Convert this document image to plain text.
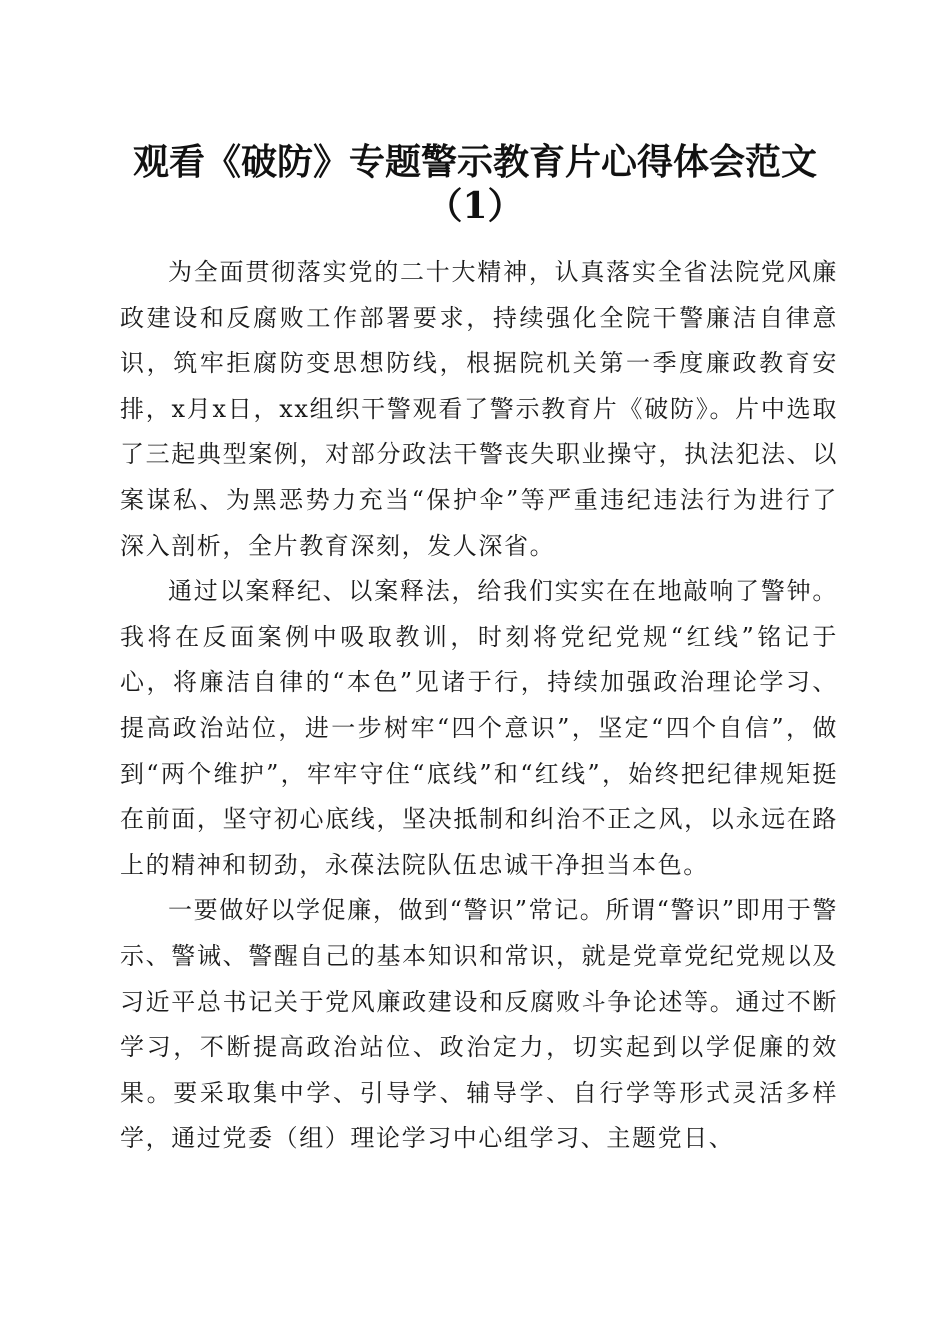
观看《破防》专题警示教育片心得体会范文
（1）

为全面贯彻落实党的二十大精神，认真落实全省法院党风廉政建设和反腐败工作部署要求，持续强化全院干警廉洁自律意识，筑牢拒腐防变思想防线，根据院机关第一季度廉政教育安排，x月x日，xx组织干警观看了警示教育片《破防》。片中选取了三起典型案例，对部分政法干警丧失职业操守，执法犯法、以案谋私、为黑恶势力充当“保护伞”等严重违纪违法行为进行了深入剖析，全片教育深刻，发人深省。

通过以案释纪、以案释法，给我们实实在在地敲响了警钟。我将在反面案例中吸取教训，时刻将党纪党规“红线”铭记于心，将廉洁自律的“本色”见诸于行，持续加强政治理论学习、提高政治站位，进一步树牢“四个意识”，坚定“四个自信”，做到“两个维护”，牢牢守住“底线”和“红线”，始终把纪律规矩挺在前面，坚守初心底线，坚决抵制和纠治不正之风，以永远在路上的精神和韧劲，永葆法院队伍忠诚干净担当本色。

一要做好以学促廉，做到“警识”常记。所谓“警识”即用于警示、警诫、警醒自己的基本知识和常识，就是党章党纪党规以及习近平总书记关于党风廉政建设和反腐败斗争论述等。通过不断学习，不断提高政治站位、政治定力，切实起到以学促廉的效果。要采取集中学、引导学、辅导学、自行学等形式灵活多样学，通过党委（组）理论学习中心组学习、主题党日、
